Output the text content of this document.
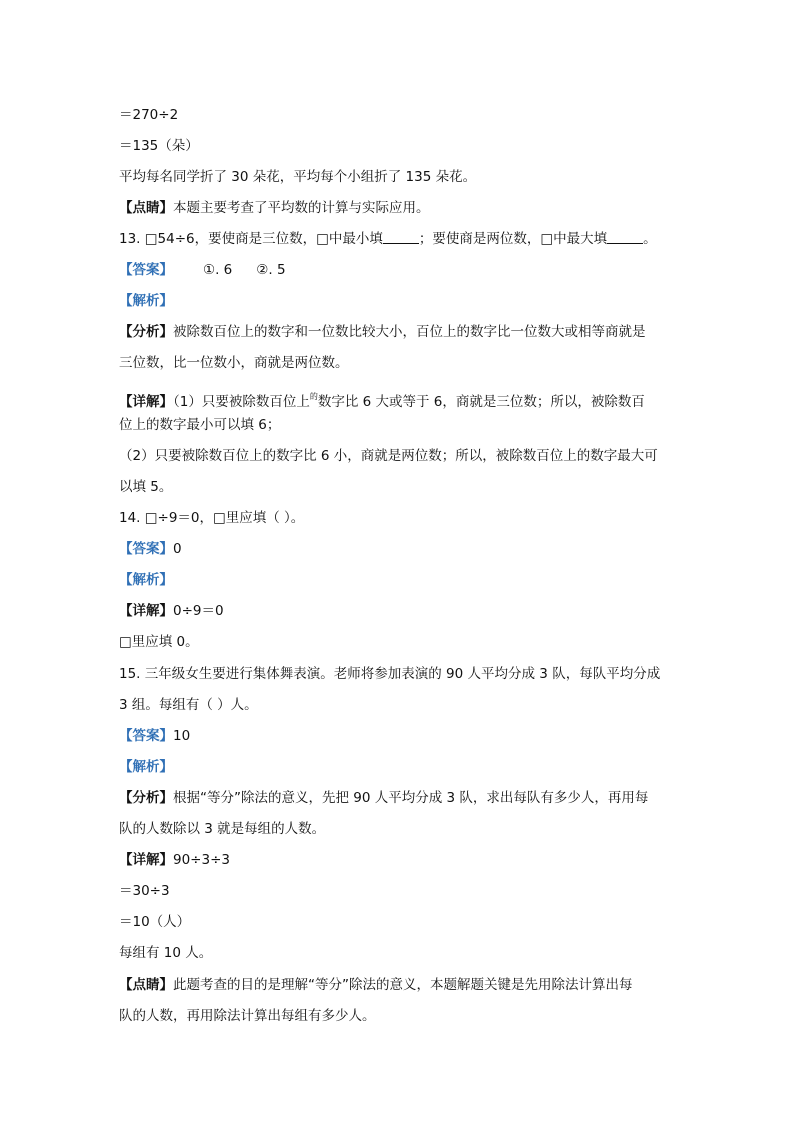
＝270÷2
＝135（朵）
平均每名同学折了 30 朵花，平均每个小组折了 135 朵花。
【点睛】本题主要考查了平均数的计算与实际应用。
13. □54÷6，要使商是三位数，□中最小填	；要使商是两位数，□中最大填	。
【答案】 ①. 6 ②. 5
【解析】
【分析】被除数百位上的数字和一位数比较大小，百位上的数字比一位数大或相等商就是
三位数，比一位数小，商就是两位数。
【详解】（1）只要被除数百位上$^的$数字比 6 大或等于 6，商就是三位数；所以，被除数百
位上的数字最小可以填 6；
（2）只要被除数百位上的数字比 6 小，商就是两位数；所以，被除数百位上的数字最大可
以填 5。
14. □÷9＝0，□里应填（ ）。
【答案】0
【解析】
【详解】0÷9＝0
□里应填 0。
15. 三年级女生要进行集体舞表演。老师将参加表演的 90 人平均分成 3 队，每队平均分成
3 组。每组有（ ）人。
【答案】10
【解析】
【分析】根据“等分”除法的意义，先把 90 人平均分成 3 队，求出每队有多少人，再用每
队的人数除以 3 就是每组的人数。
【详解】90÷3÷3
＝30÷3
＝10（人）
每组有 10 人。
【点睛】此题考查的目的是理解“等分”除法的意义，本题解题关键是先用除法计算出每
队的人数，再用除法计算出每组有多少人。
